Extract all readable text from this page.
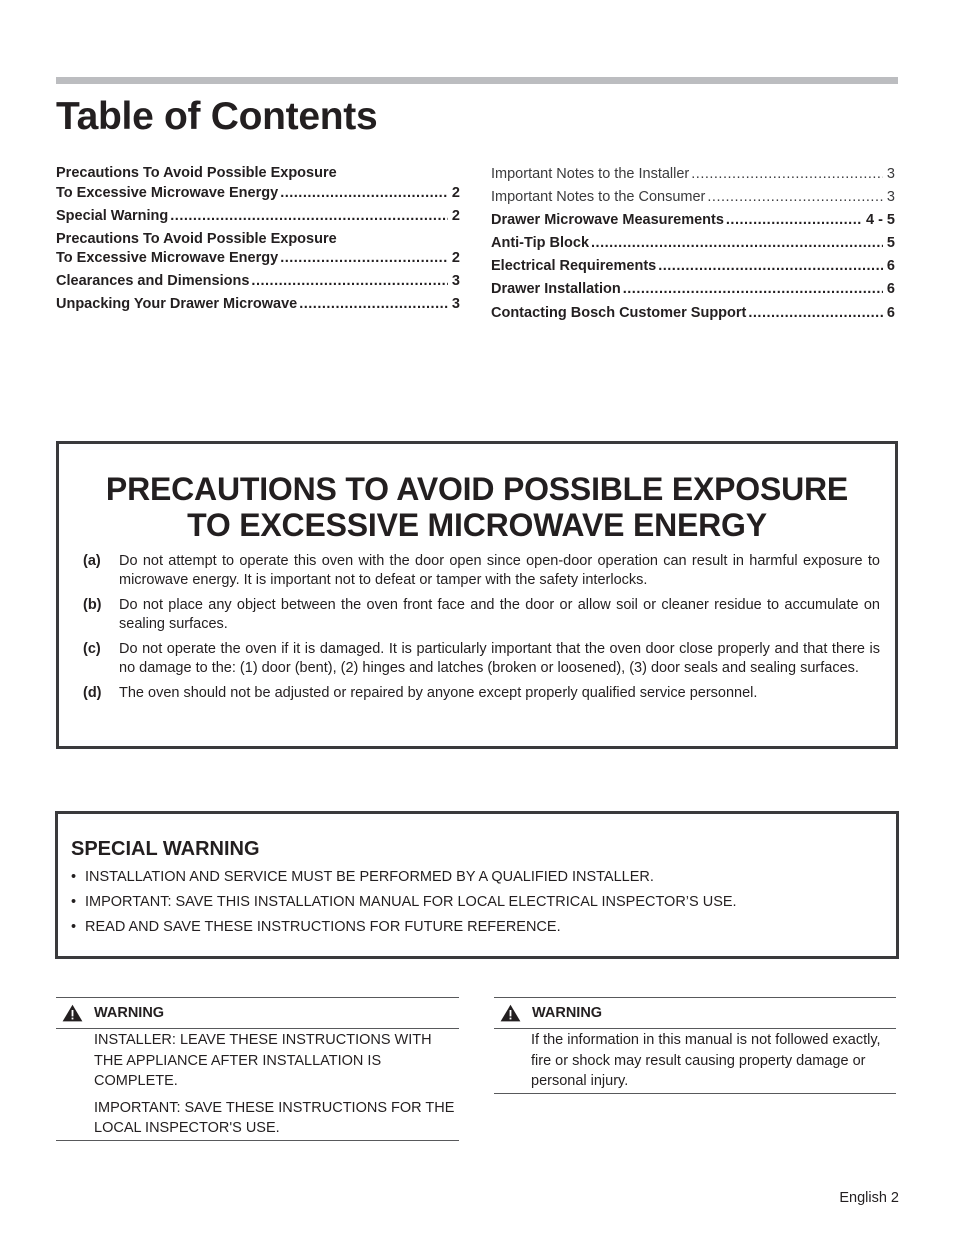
Table of Contents
Precautions To Avoid Possible Exposure
To Excessive Microwave Energy .....	2
Special Warning .....	2
Precautions To Avoid Possible Exposure
To Excessive Microwave Energy .....	2
Clearances and Dimensions .....	3
Unpacking Your Drawer Microwave .....	3
Important Notes to the Installer .....	3
Important Notes to the Consumer .....	3
Drawer Microwave Measurements .....	4 - 5
Anti-Tip Block .....	5
Electrical Requirements .....	6
Drawer Installation .....	6
Contacting Bosch Customer Support .....	6
PRECAUTIONS TO AVOID POSSIBLE EXPOSURE
TO EXCESSIVE MICROWAVE ENERGY
(a)	Do not attempt to operate this oven with the door open since open-door operation can result in harmful exposure to microwave energy. It is important not to defeat or tamper with the safety interlocks.
(b)	Do not place any object between the oven front face and the door or allow soil or cleaner residue to accumulate on sealing surfaces.
(c)	Do not operate the oven if it is damaged. It is particularly important that the oven door close properly and that there is no damage to the: (1) door (bent), (2) hinges and latches (broken or loosened), (3) door seals and sealing surfaces.
(d)	The oven should not be adjusted or repaired by anyone except properly qualified service personnel.
SPECIAL WARNING
• INSTALLATION AND SERVICE MUST BE PERFORMED BY A QUALIFIED INSTALLER.
• IMPORTANT: SAVE THIS INSTALLATION MANUAL FOR LOCAL ELECTRICAL INSPECTOR’S USE.
• READ AND SAVE THESE INSTRUCTIONS FOR FUTURE REFERENCE.
WARNING

INSTALLER: LEAVE THESE INSTRUCTIONS WITH THE APPLIANCE AFTER INSTALLATION IS COMPLETE.

IMPORTANT: SAVE THESE INSTRUCTIONS FOR THE LOCAL INSPECTOR'S USE.

WARNING

If the information in this manual is not followed exactly, fire or shock may result causing property damage or personal injury.

English 2
